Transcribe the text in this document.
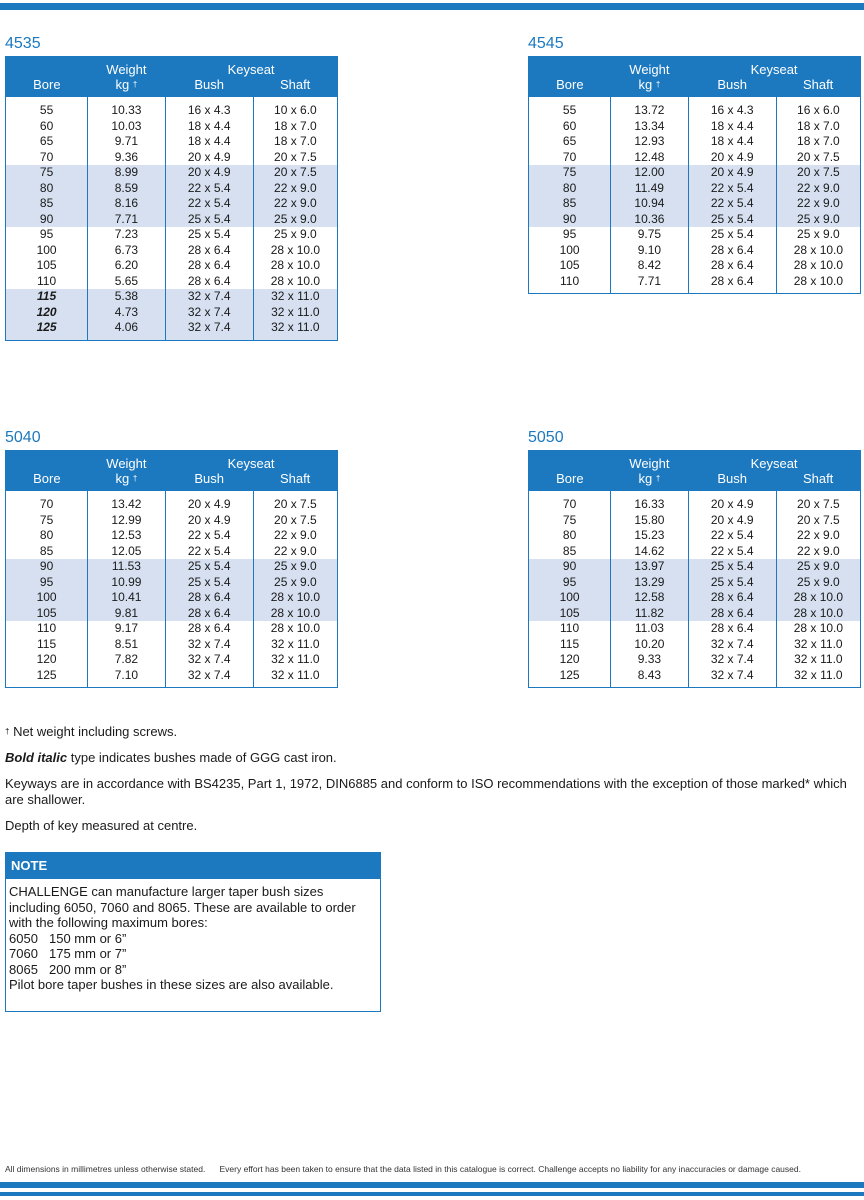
4535
	Weight	Keyseat	
Bore	kg †	Bush	Shaft
55	10.33	16 x 4.3	10 x 6.0
60	10.03	18 x 4.4	18 x 7.0
65	9.71	18 x 4.4	18 x 7.0
70	9.36	20 x 4.9	20 x 7.5
75	8.99	20 x 4.9	20 x 7.5
80	8.59	22 x 5.4	22 x 9.0
85	8.16	22 x 5.4	22 x 9.0
90	7.71	25 x 5.4	25 x 9.0
95	7.23	25 x 5.4	25 x 9.0
100	6.73	28 x 6.4	28 x 10.0
105	6.20	28 x 6.4	28 x 10.0
110	5.65	28 x 6.4	28 x 10.0
115	5.38	32 x 7.4	32 x 11.0
120	4.73	32 x 7.4	32 x 11.0
125	4.06	32 x 7.4	32 x 11.0
4545
	Weight	Keyseat	
Bore	kg †	Bush	Shaft
55	13.72	16 x 4.3	16 x 6.0
60	13.34	18 x 4.4	18 x 7.0
65	12.93	18 x 4.4	18 x 7.0
70	12.48	20 x 4.9	20 x 7.5
75	12.00	20 x 4.9	20 x 7.5
80	11.49	22 x 5.4	22 x 9.0
85	10.94	22 x 5.4	22 x 9.0
90	10.36	25 x 5.4	25 x 9.0
95	9.75	25 x 5.4	25 x 9.0
100	9.10	28 x 6.4	28 x 10.0
105	8.42	28 x 6.4	28 x 10.0
110	7.71	28 x 6.4	28 x 10.0
5040
	Weight	Keyseat	
Bore	kg †	Bush	Shaft
70	13.42	20 x 4.9	20 x 7.5
75	12.99	20 x 4.9	20 x 7.5
80	12.53	22 x 5.4	22 x 9.0
85	12.05	22 x 5.4	22 x 9.0
90	11.53	25 x 5.4	25 x 9.0
95	10.99	25 x 5.4	25 x 9.0
100	10.41	28 x 6.4	28 x 10.0
105	9.81	28 x 6.4	28 x 10.0
110	9.17	28 x 6.4	28 x 10.0
115	8.51	32 x 7.4	32 x 11.0
120	7.82	32 x 7.4	32 x 11.0
125	7.10	32 x 7.4	32 x 11.0
5050
	Weight	Keyseat	
Bore	kg †	Bush	Shaft
70	16.33	20 x 4.9	20 x 7.5
75	15.80	20 x 4.9	20 x 7.5
80	15.23	22 x 5.4	22 x 9.0
85	14.62	22 x 5.4	22 x 9.0
90	13.97	25 x 5.4	25 x 9.0
95	13.29	25 x 5.4	25 x 9.0
100	12.58	28 x 6.4	28 x 10.0
105	11.82	28 x 6.4	28 x 10.0
110	11.03	28 x 6.4	28 x 10.0
115	10.20	32 x 7.4	32 x 11.0
120	9.33	32 x 7.4	32 x 11.0
125	8.43	32 x 7.4	32 x 11.0

† Net weight including screws.

Bold italic type indicates bushes made of GGG cast iron.

Keyways are in accordance with BS4235, Part 1, 1972, DIN6885 and conform to ISO recommendations with the exception of those marked* which are shallower.

Depth of key measured at centre.

NOTE
CHALLENGE can manufacture larger taper bush sizes including 6050, 7060 and 8065. These are available to order with the following maximum bores:
6050 150 mm or 6”
7060 175 mm or 7”
8065 200 mm or 8”
Pilot bore taper bushes in these sizes are also available.
All dimensions in millimetres unless otherwise stated. Every effort has been taken to ensure that the data listed in this catalogue is correct. Challenge accepts no liability for any inaccuracies or damage caused.
